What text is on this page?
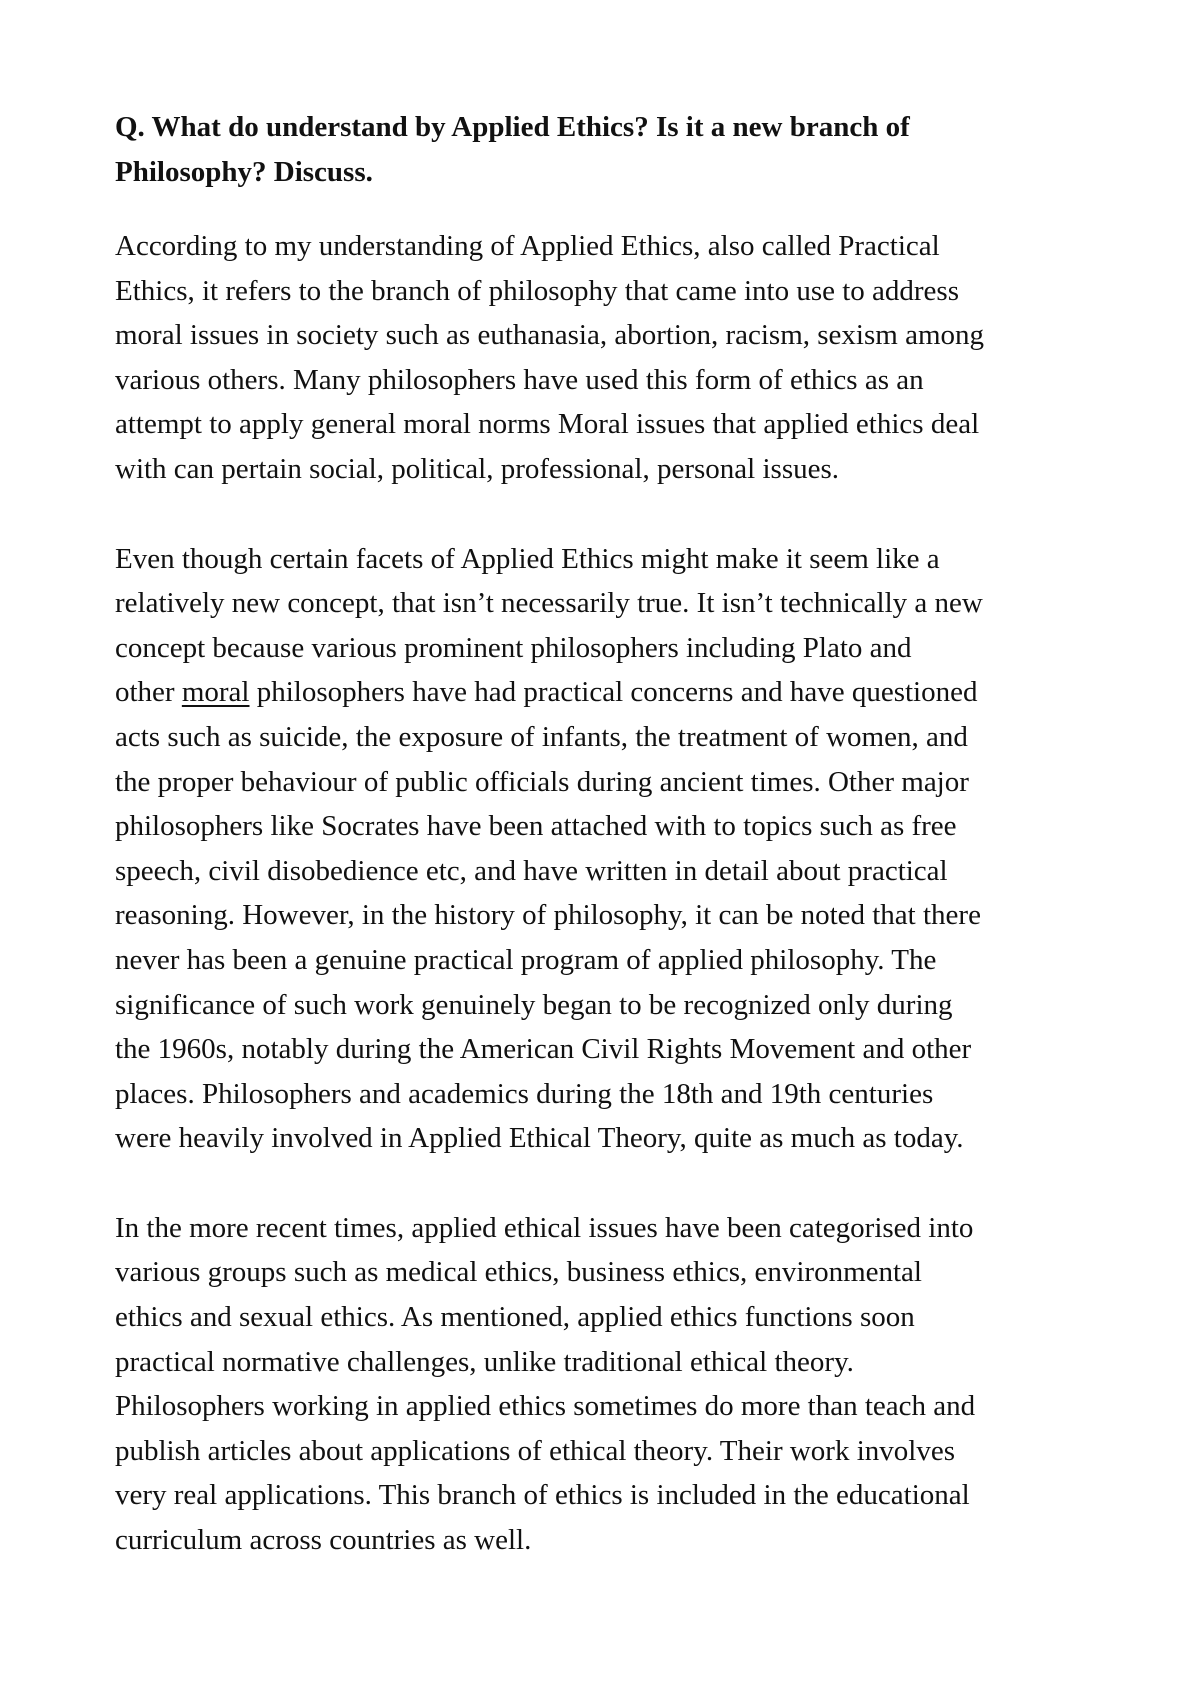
Q. What do understand by Applied Ethics? Is it a new branch of
Philosophy? Discuss.
According to my understanding of Applied Ethics, also called Practical
Ethics, it refers to the branch of philosophy that came into use to address
moral issues in society such as euthanasia, abortion, racism, sexism among
various others. Many philosophers have used this form of ethics as an
attempt to apply general moral norms Moral issues that applied ethics deal
with can pertain social, political, professional, personal issues.
Even though certain facets of Applied Ethics might make it seem like a
relatively new concept, that isn’t necessarily true. It isn’t technically a new
concept because various prominent philosophers including Plato and
other moral philosophers have had practical concerns and have questioned
acts such as suicide, the exposure of infants, the treatment of women, and
the proper behaviour of public officials during ancient times. Other major
philosophers like Socrates have been attached with to topics such as free
speech, civil disobedience etc, and have written in detail about practical
reasoning. However, in the history of philosophy, it can be noted that there
never has been a genuine practical program of applied philosophy. The
significance of such work genuinely began to be recognized only during
the 1960s, notably during the American Civil Rights Movement and other
places. Philosophers and academics during the 18th and 19th centuries
were heavily involved in Applied Ethical Theory, quite as much as today.
In the more recent times, applied ethical issues have been categorised into
various groups such as medical ethics, business ethics, environmental
ethics and sexual ethics. As mentioned, applied ethics functions soon
practical normative challenges, unlike traditional ethical theory.
Philosophers working in applied ethics sometimes do more than teach and
publish articles about applications of ethical theory. Their work involves
very real applications. This branch of ethics is included in the educational
curriculum across countries as well.
